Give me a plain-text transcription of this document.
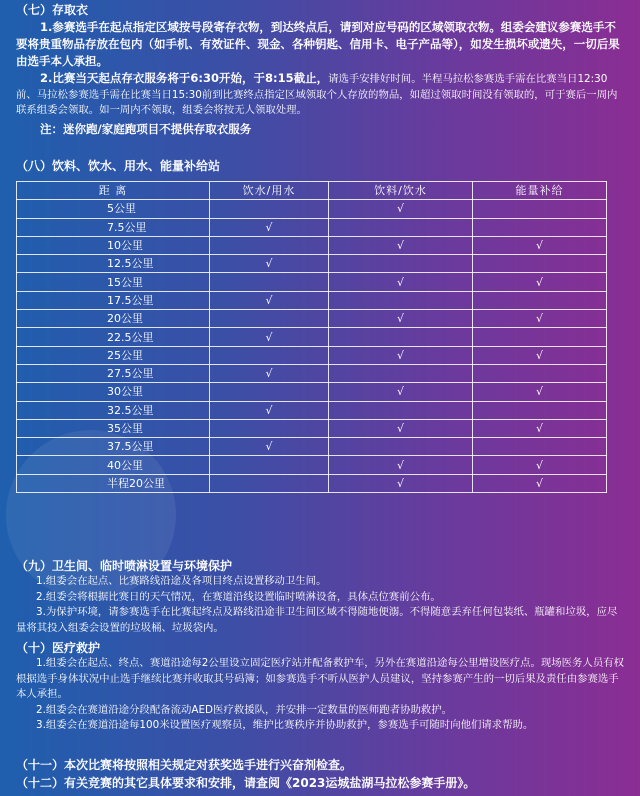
（七）存取衣
1.参赛选手在起点指定区域按号段寄存衣物，到达终点后，请到对应号码的区域领取衣物。组委会建议参赛选手不要将贵重物品存放在包内（如手机、有效证件、现金、各种钥匙、信用卡、电子产品等），如发生损坏或遗失，一切后果由选手本人承担。
2.比赛当天起点存衣服务将于6:30开始，于8:15截止，请选手安排好时间。半程马拉松参赛选手需在比赛当日12:30前、马拉松参赛选手需在比赛当日15:30前到比赛终点指定区域领取个人存放的物品，如超过领取时间没有领取的，可于赛后一周内联系组委会领取。如一周内不领取，组委会将按无人领取处理。
注：迷你跑/家庭跑项目不提供存取衣服务
（八）饮料、饮水、用水、能量补给站
距 离	饮水/用水	饮料/饮水	能量补给
5公里		√	
7.5公里	√		
10公里		√	√
12.5公里	√		
15公里		√	√
17.5公里	√		
20公里		√	√
22.5公里	√		
25公里		√	√
27.5公里	√		
30公里		√	√
32.5公里	√		
35公里		√	√
37.5公里	√		
40公里		√	√
半程20公里		√	√
（九）卫生间、临时喷淋设置与环境保护
1.组委会在起点、比赛路线沿途及各项目终点设置移动卫生间。
2.组委会将根据比赛日的天气情况，在赛道沿线设置临时喷淋设备，具体点位赛前公布。
3.为保护环境，请参赛选手在比赛起终点及路线沿途非卫生间区域不得随地便溺。不得随意丢弃任何包装纸、瓶罐和垃圾，应尽量将其投入组委会设置的垃圾桶、垃圾袋内。
（十）医疗救护
1.组委会在起点、终点、赛道沿途每2公里设立固定医疗站并配备救护车，另外在赛道沿途每公里增设医疗点。现场医务人员有权根据选手身体状况中止选手继续比赛并收取其号码簿；如参赛选手不听从医护人员建议，坚持参赛产生的一切后果及责任由参赛选手本人承担。
2.组委会在赛道沿途分段配备流动AED医疗救援队，并安排一定数量的医师跑者协助救护。
3.组委会在赛道沿途每100米设置医疗观察员，维护比赛秩序并协助救护，参赛选手可随时向他们请求帮助。
（十一）本次比赛将按照相关规定对获奖选手进行兴奋剂检查。
（十二）有关竞赛的其它具体要求和安排，请查阅《2023运城盐湖马拉松参赛手册》。
